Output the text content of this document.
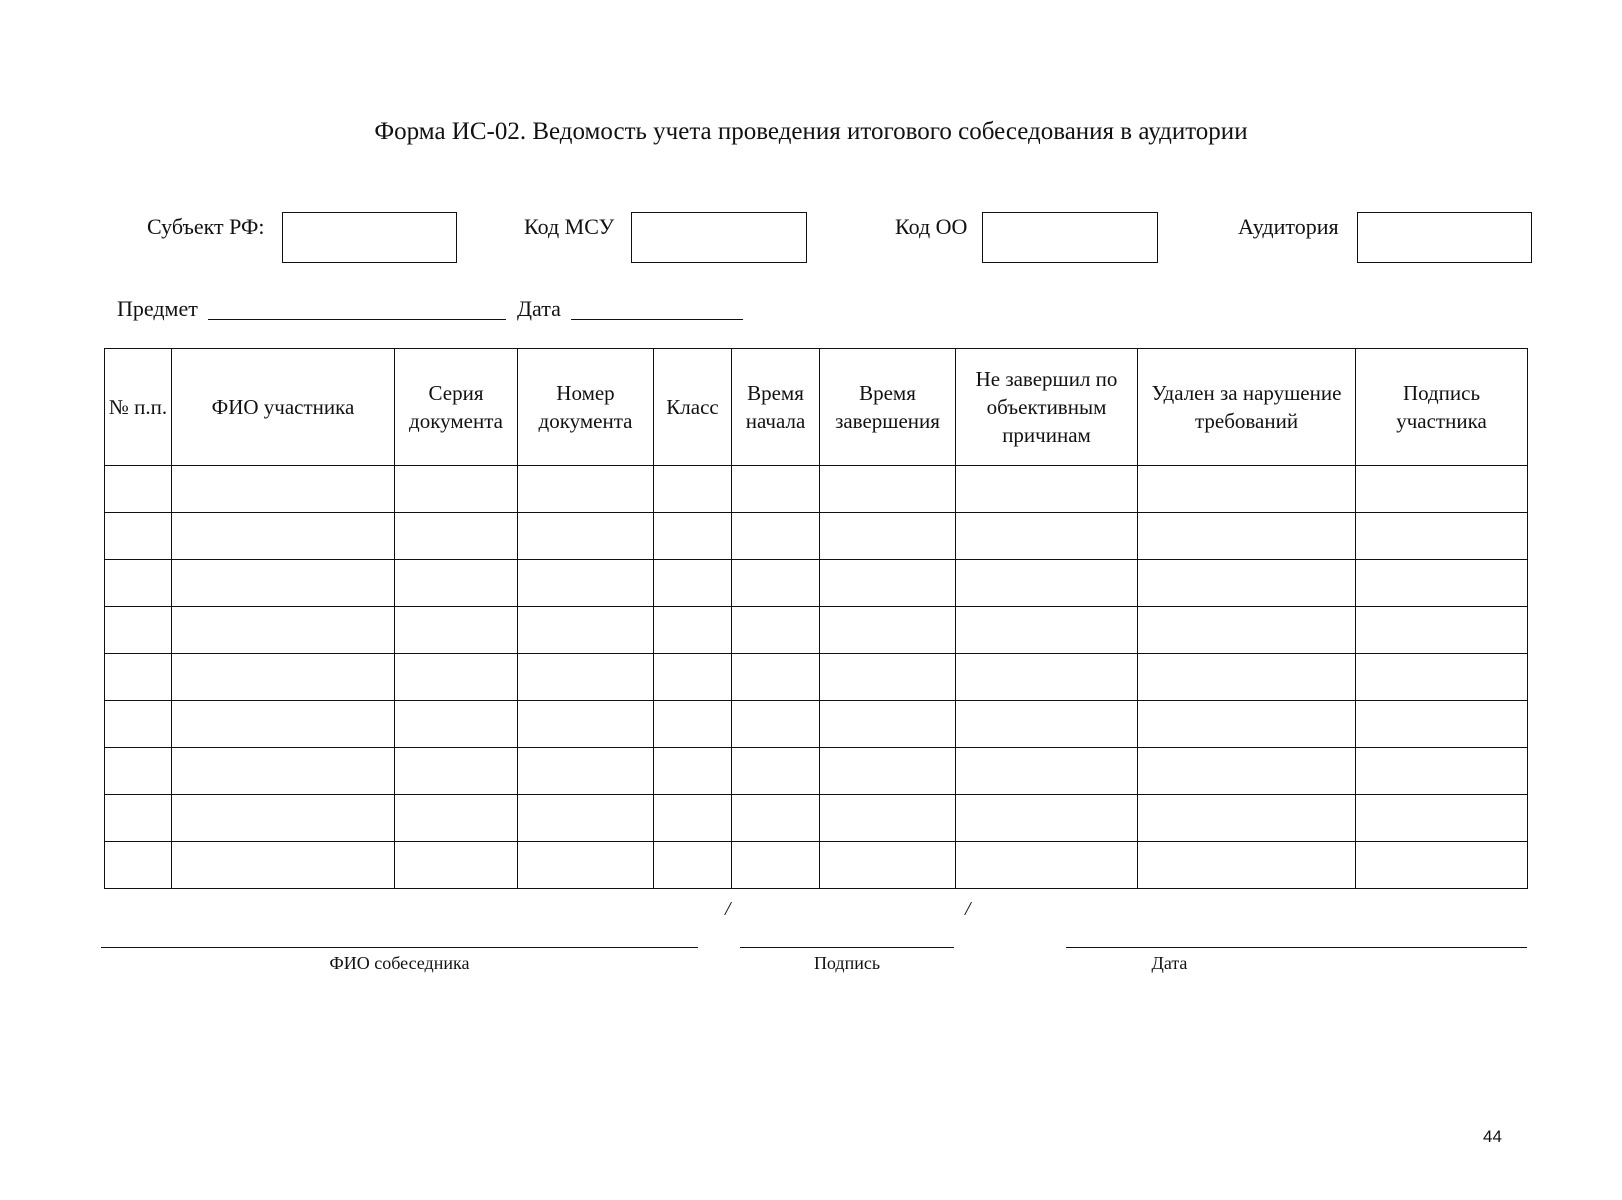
Форма ИС-02. Ведомость учета проведения итогового собеседования в аудитории
Субъект РФ:	Код МСУ	Код ОО	Аудитория
Предмет	Дата
№ п.п.	ФИО участника	Серия документа	Номер документа	Класс	Время начала	Время завершения	Не завершил по объективным причинам	Удален за нарушение требований	Подпись участника

/	/
ФИО собеседника	Подпись	Дата
44
